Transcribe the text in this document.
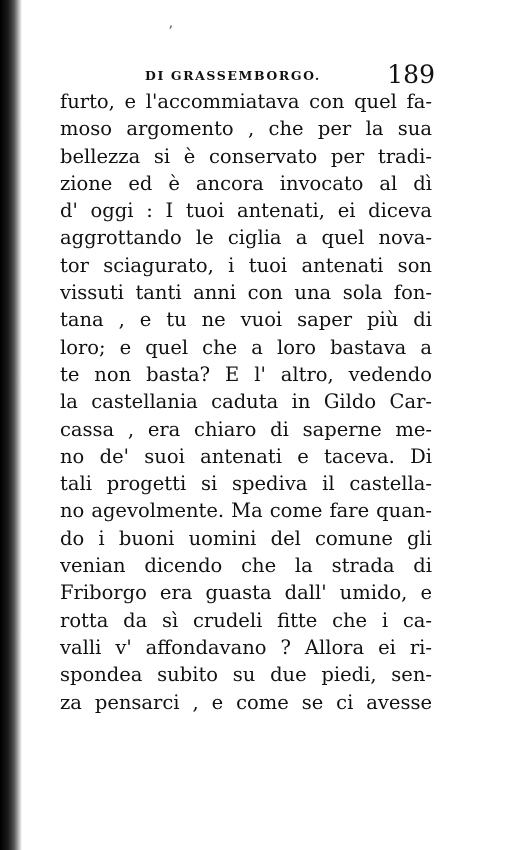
ʼ
DI GRASSEMBORGO.	189
furto, e l'accommiatava con quel fa-
moso argomento , che per la sua
bellezza si è conservato per tradi-
zione ed è ancora invocato al dì
d' oggi : I tuoi antenati, ei diceva
aggrottando le ciglia a quel nova-
tor sciagurato, i tuoi antenati son
vissuti tanti anni con una sola fon-
tana , e tu ne vuoi saper più di
loro; e quel che a loro bastava a
te non basta? E l' altro, vedendo
la castellania caduta in Gildo Car-
cassa , era chiaro di saperne me-
no de' suoi antenati e taceva. Di
tali progetti si spediva il castella-
no agevolmente. Ma come fare quan-
do i buoni uomini del comune gli
venian dicendo che la strada di
Friborgo era guasta dall' umido, e
rotta da sì crudeli fitte che i ca-
valli v' affondavano ? Allora ei ri-
spondea subito su due piedi, sen-
za pensarci , e come se ci avesse
